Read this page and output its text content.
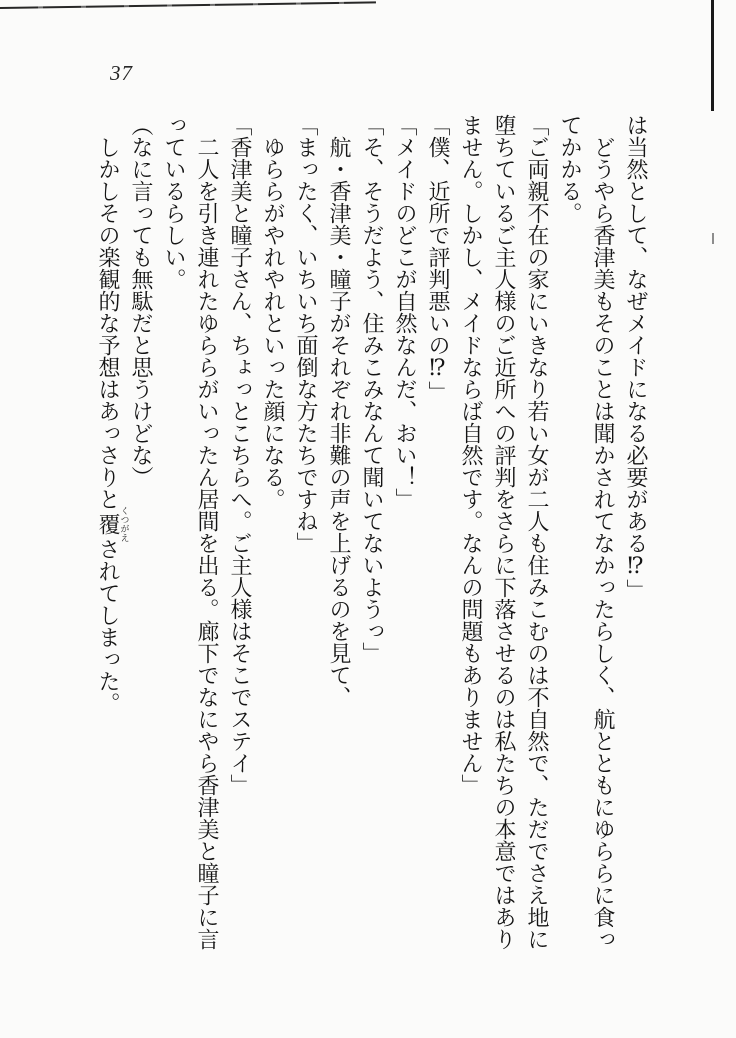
37

は当然として、なぜメイドになる必要がある⁉」

どうやら香津美もそのことは聞かされてなかったらしく、航とともにゆららに食っ

てかかる。

「ご両親不在の家にいきなり若い女が二人も住みこむのは不自然で、ただでさえ地に

堕ちているご主人様のご近所への評判をさらに下落させるのは私たちの本意ではあり

ません。しかし、メイドならば自然です。なんの問題もありません」

「僕、近所で評判悪いの⁉」

「メイドのどこが自然なんだ、おい！」

「そ、そうだよう、住みこみなんて聞いてないようっ」

航・香津美・瞳子がそれぞれ非難の声を上げるのを見て、

「まったく、いちいち面倒な方たちですね」

ゆららがやれやれといった顔になる。

「香津美と瞳子さん、ちょっとこちらへ。ご主人様はそこでステイ」

二人を引き連れたゆららがいったん居間を出る。廊下でなにやら香津美と瞳子に言

っているらしい。

（なに言っても無駄だと思うけどな）

しかしその楽観的な予想はあっさりと覆くつがえされてしまった。
